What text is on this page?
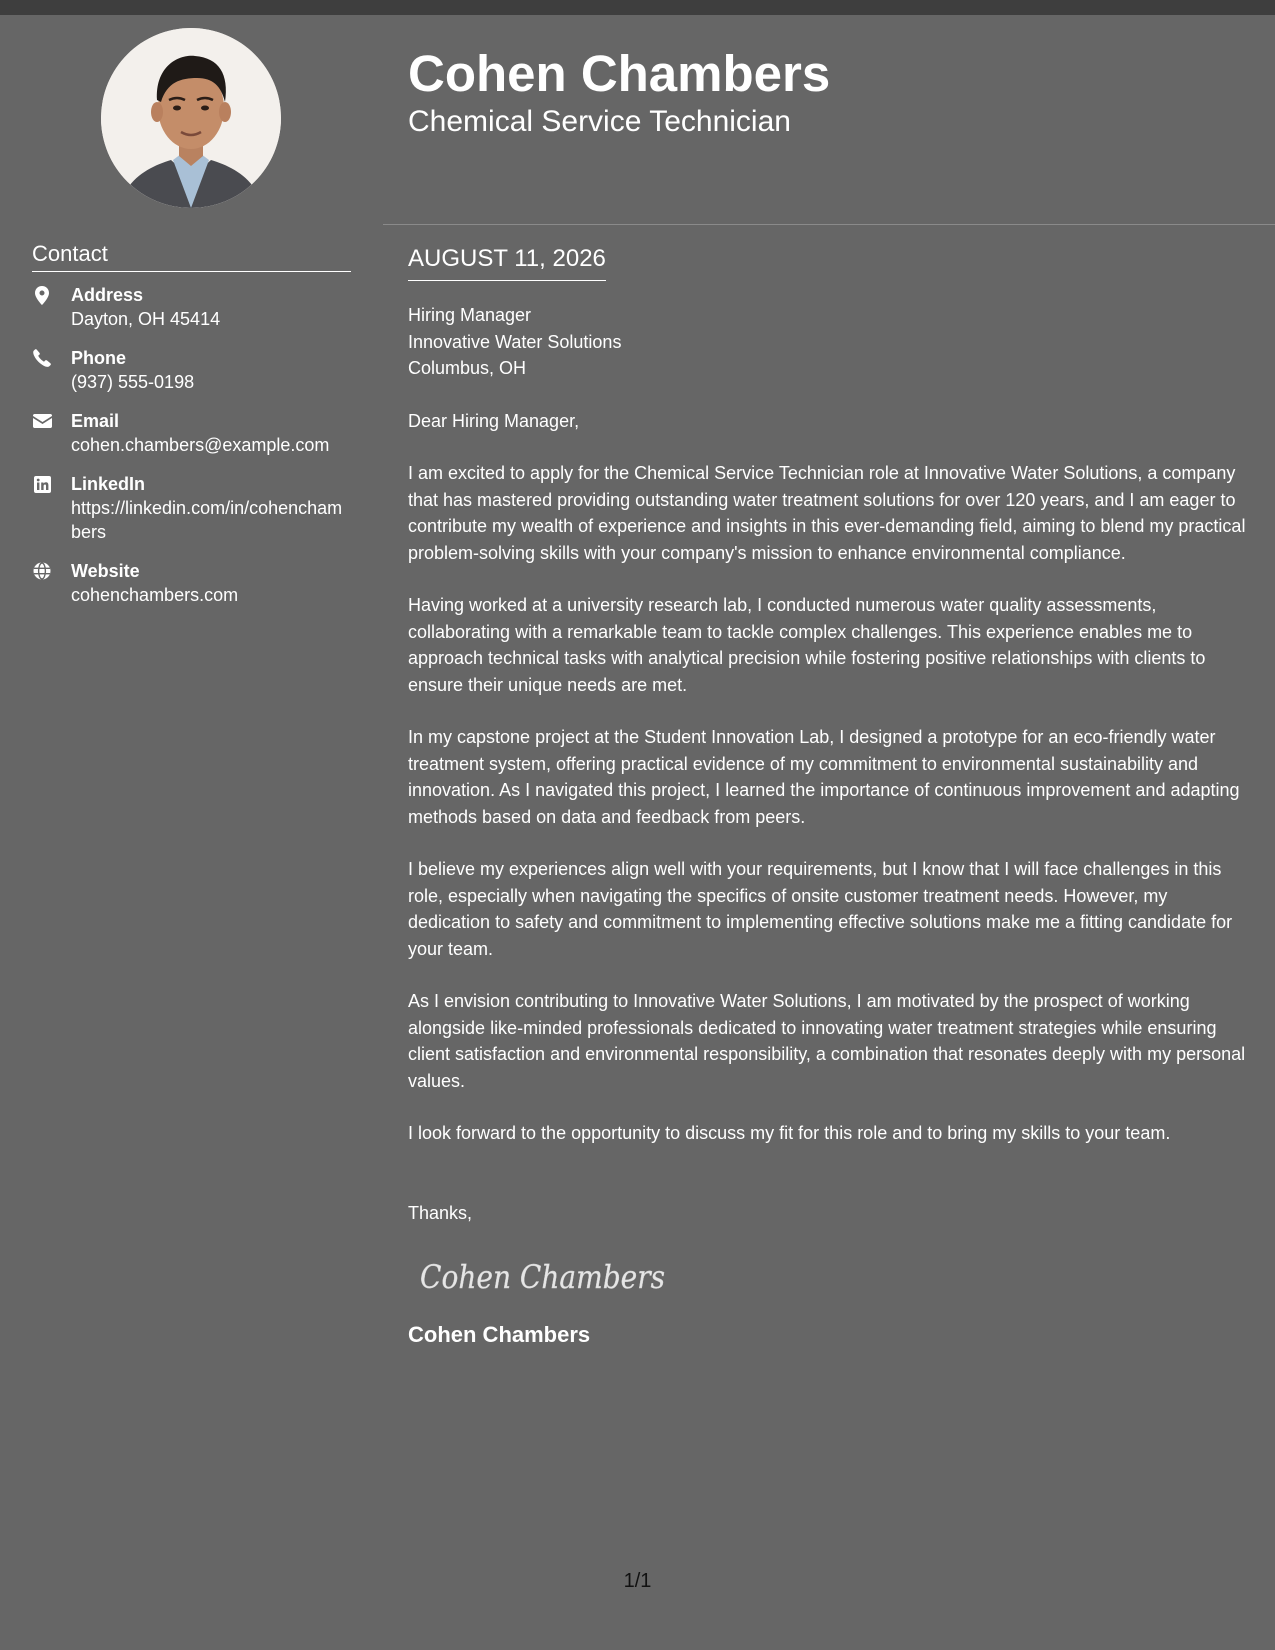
Contact
Address
Dayton, OH 45414
Phone
(937) 555-0198
Email
cohen.chambers@example.com
LinkedIn
https://linkedin.com/in/cohenchambers
Website
cohenchambers.com
Cohen Chambers
Chemical Service Technician
AUGUST 11, 2026

Hiring Manager
Innovative Water Solutions
Columbus, OH

Dear Hiring Manager,

I am excited to apply for the Chemical Service Technician role at Innovative Water Solutions, a company that has mastered providing outstanding water treatment solutions for over 120 years, and I am eager to contribute my wealth of experience and insights in this ever-demanding field, aiming to blend my practical problem-solving skills with your company's mission to enhance environmental compliance.

Having worked at a university research lab, I conducted numerous water quality assessments, collaborating with a remarkable team to tackle complex challenges. This experience enables me to approach technical tasks with analytical precision while fostering positive relationships with clients to ensure their unique needs are met.

In my capstone project at the Student Innovation Lab, I designed a prototype for an eco-friendly water treatment system, offering practical evidence of my commitment to environmental sustainability and innovation. As I navigated this project, I learned the importance of continuous improvement and adapting methods based on data and feedback from peers.

I believe my experiences align well with your requirements, but I know that I will face challenges in this role, especially when navigating the specifics of onsite customer treatment needs. However, my dedication to safety and commitment to implementing effective solutions make me a fitting candidate for your team.

As I envision contributing to Innovative Water Solutions, I am motivated by the prospect of working alongside like-minded professionals dedicated to innovating water treatment strategies while ensuring client satisfaction and environmental responsibility, a combination that resonates deeply with my personal values.

I look forward to the opportunity to discuss my fit for this role and to bring my skills to your team.

Thanks,

Cohen Chambers

Cohen Chambers

1/1
